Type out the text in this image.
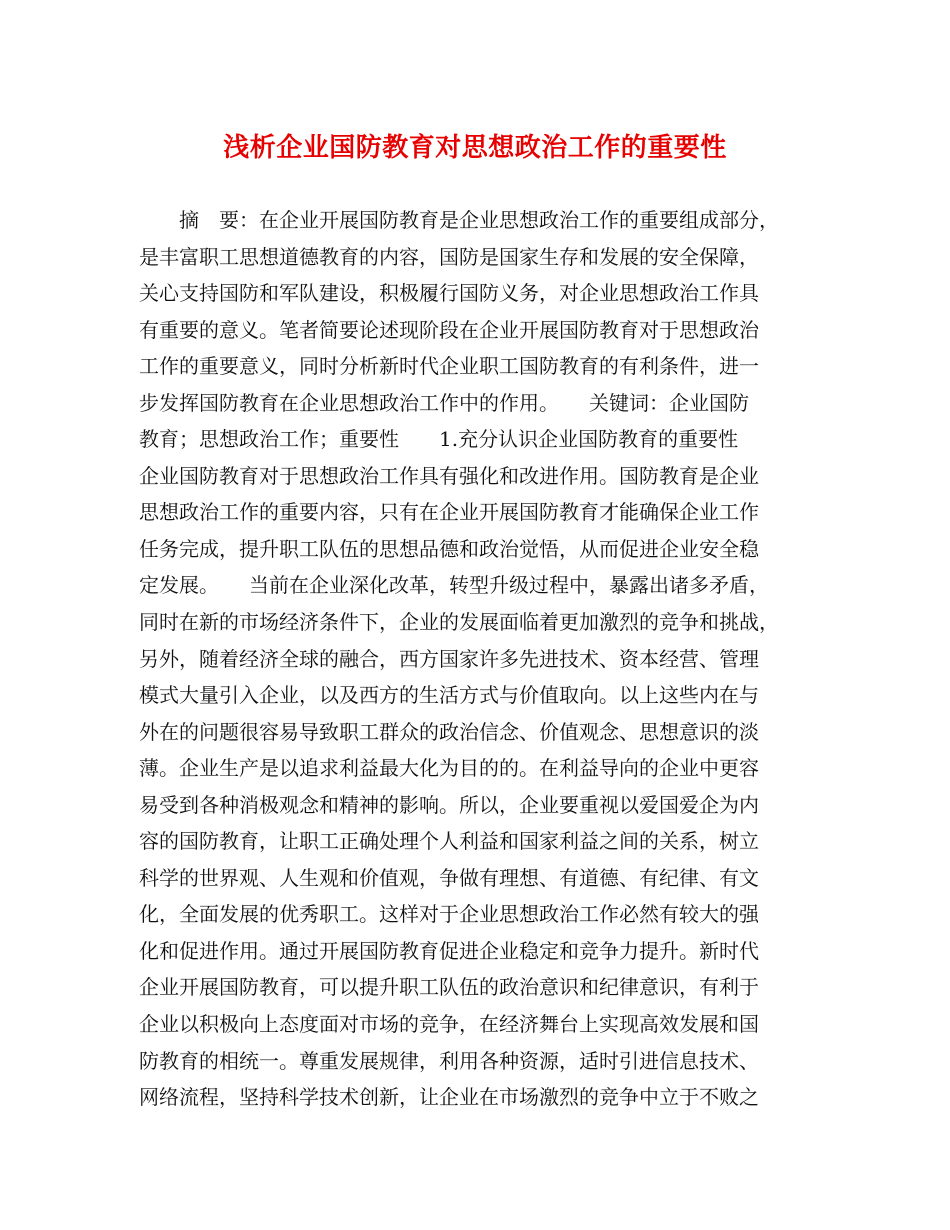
浅析企业国防教育对思想政治工作的重要性
　　摘　要：在企业开展国防教育是企业思想政治工作的重要组成部分，
是丰富职工思想道德教育的内容，国防是国家生存和发展的安全保障，
关心支持国防和军队建设，积极履行国防义务，对企业思想政治工作具
有重要的意义。笔者简要论述现阶段在企业开展国防教育对于思想政治
工作的重要意义，同时分析新时代企业职工国防教育的有利条件，进一
步发挥国防教育在企业思想政治工作中的作用。　　关键词：企业国防
教育；思想政治工作；重要性　　1.充分认识企业国防教育的重要性
企业国防教育对于思想政治工作具有强化和改进作用。国防教育是企业
思想政治工作的重要内容，只有在企业开展国防教育才能确保企业工作
任务完成，提升职工队伍的思想品德和政治觉悟，从而促进企业安全稳
定发展。　　当前在企业深化改革，转型升级过程中，暴露出诸多矛盾，
同时在新的市场经济条件下，企业的发展面临着更加激烈的竞争和挑战，
另外，随着经济全球的融合，西方国家许多先进技术、资本经营、管理
模式大量引入企业，以及西方的生活方式与价值取向。以上这些内在与
外在的问题很容易导致职工群众的政治信念、价值观念、思想意识的淡
薄。企业生产是以追求利益最大化为目的的。在利益导向的企业中更容
易受到各种消极观念和精神的影响。所以，企业要重视以爱国爱企为内
容的国防教育，让职工正确处理个人利益和国家利益之间的关系，树立
科学的世界观、人生观和价值观，争做有理想、有道德、有纪律、有文
化，全面发展的优秀职工。这样对于企业思想政治工作必然有较大的强
化和促进作用。通过开展国防教育促进企业稳定和竞争力提升。新时代
企业开展国防教育，可以提升职工队伍的政治意识和纪律意识，有利于
企业以积极向上态度面对市场的竞争，在经济舞台上实现高效发展和国
防教育的相统一。尊重发展规律，利用各种资源，适时引进信息技术、
网络流程，坚持科学技术创新，让企业在市场激烈的竞争中立于不败之
